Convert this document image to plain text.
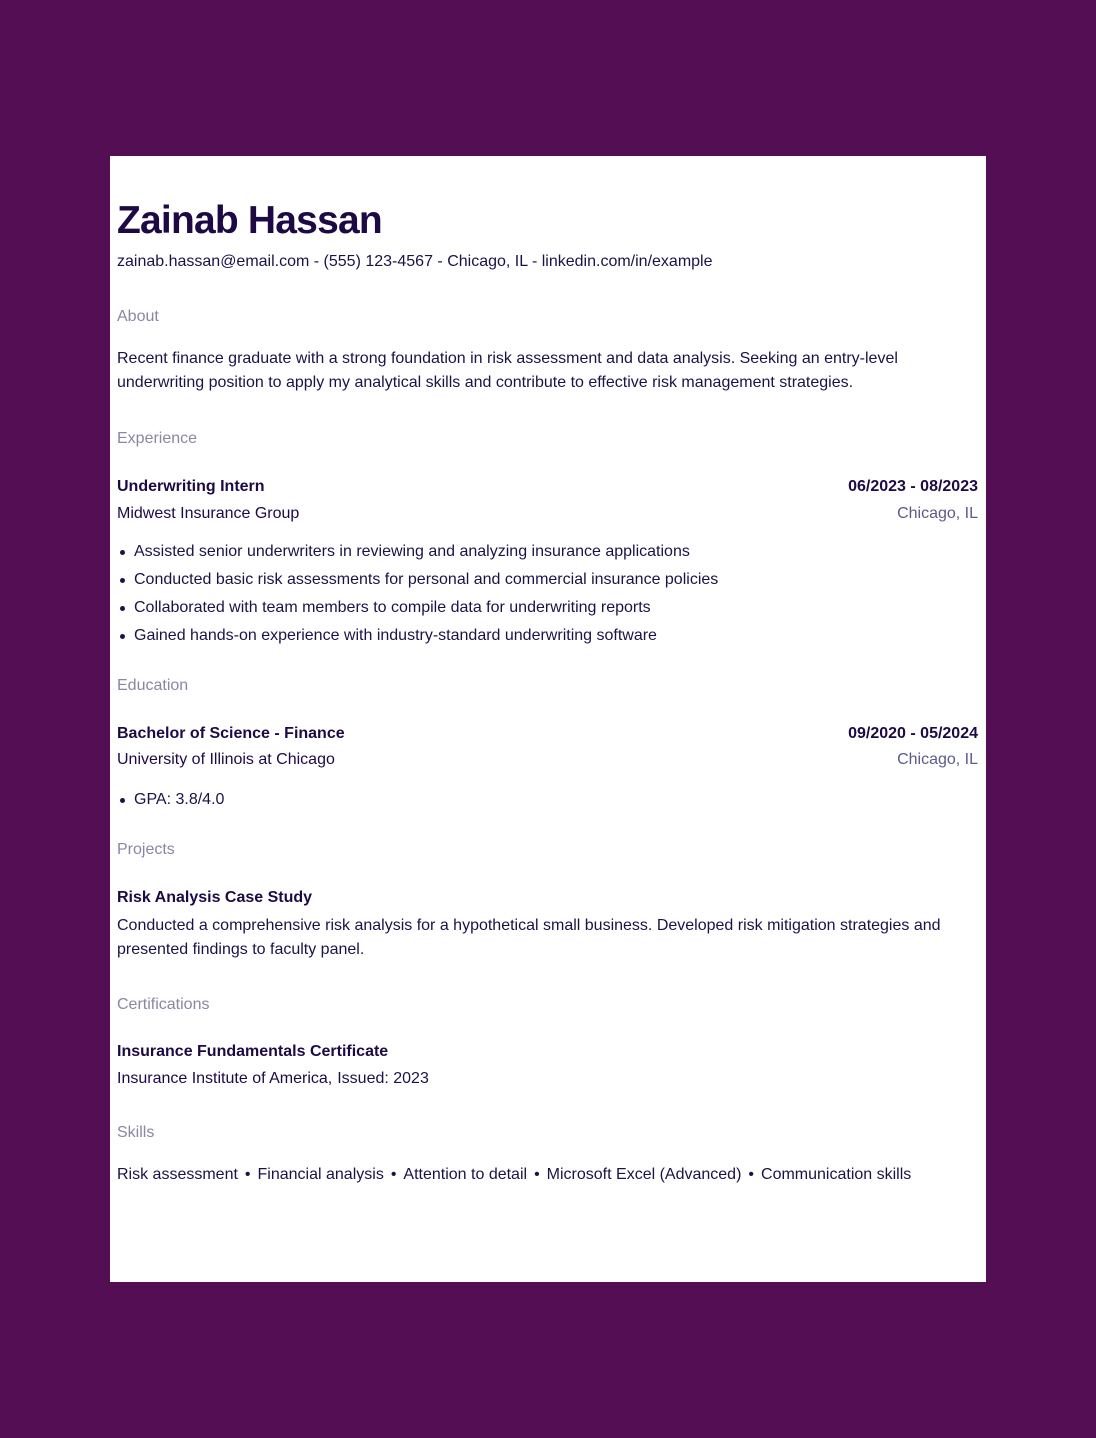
Zainab Hassan
zainab.hassan@email.com - (555) 123-4567 - Chicago, IL - linkedin.com/in/example
About
Recent finance graduate with a strong foundation in risk assessment and data analysis. Seeking an entry-level underwriting position to apply my analytical skills and contribute to effective risk management strategies.
Experience
Underwriting Intern	06/2023 - 08/2023
Midwest Insurance Group	Chicago, IL
Assisted senior underwriters in reviewing and analyzing insurance applications
Conducted basic risk assessments for personal and commercial insurance policies
Collaborated with team members to compile data for underwriting reports
Gained hands-on experience with industry-standard underwriting software
Education
Bachelor of Science - Finance	09/2020 - 05/2024
University of Illinois at Chicago	Chicago, IL
GPA: 3.8/4.0
Projects
Risk Analysis Case Study
Conducted a comprehensive risk analysis for a hypothetical small business. Developed risk mitigation strategies and presented findings to faculty panel.
Certifications
Insurance Fundamentals Certificate
Insurance Institute of America, Issued: 2023
Skills
Risk assessment • Financial analysis • Attention to detail • Microsoft Excel (Advanced) • Communication skills
